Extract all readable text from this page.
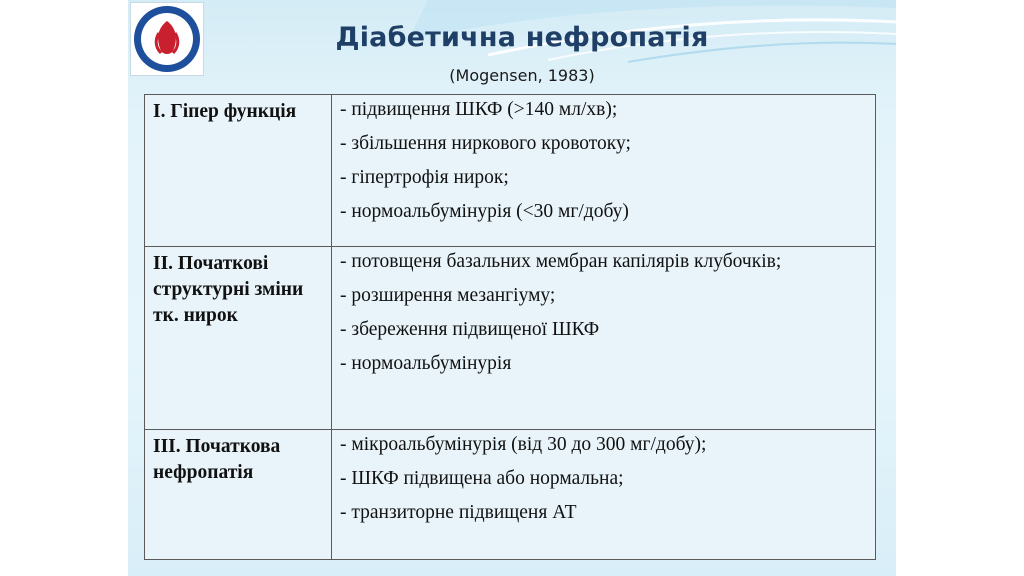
Діабетична нефропатія
(Mogensen, 1983)
І. Гіпер функція	- підвищення ШКФ (>140 мл/хв);
- збільшення ниркового кровотоку;
- гіпертрофія нирок;
- нормоальбумінурія (<30 мг/добу)

ІІ. Початкові структурні зміни тк. нирок	- потовщеня базальних мембран капілярів клубочків;
- розширення мезангіуму;
- збереження підвищеної ШКФ
- нормоальбумінурія

ІІІ. Початкова нефропатія	- мікроальбумінурія (від 30 до 300 мг/добу);
- ШКФ підвищена або нормальна;
- транзиторне підвищеня АТ
